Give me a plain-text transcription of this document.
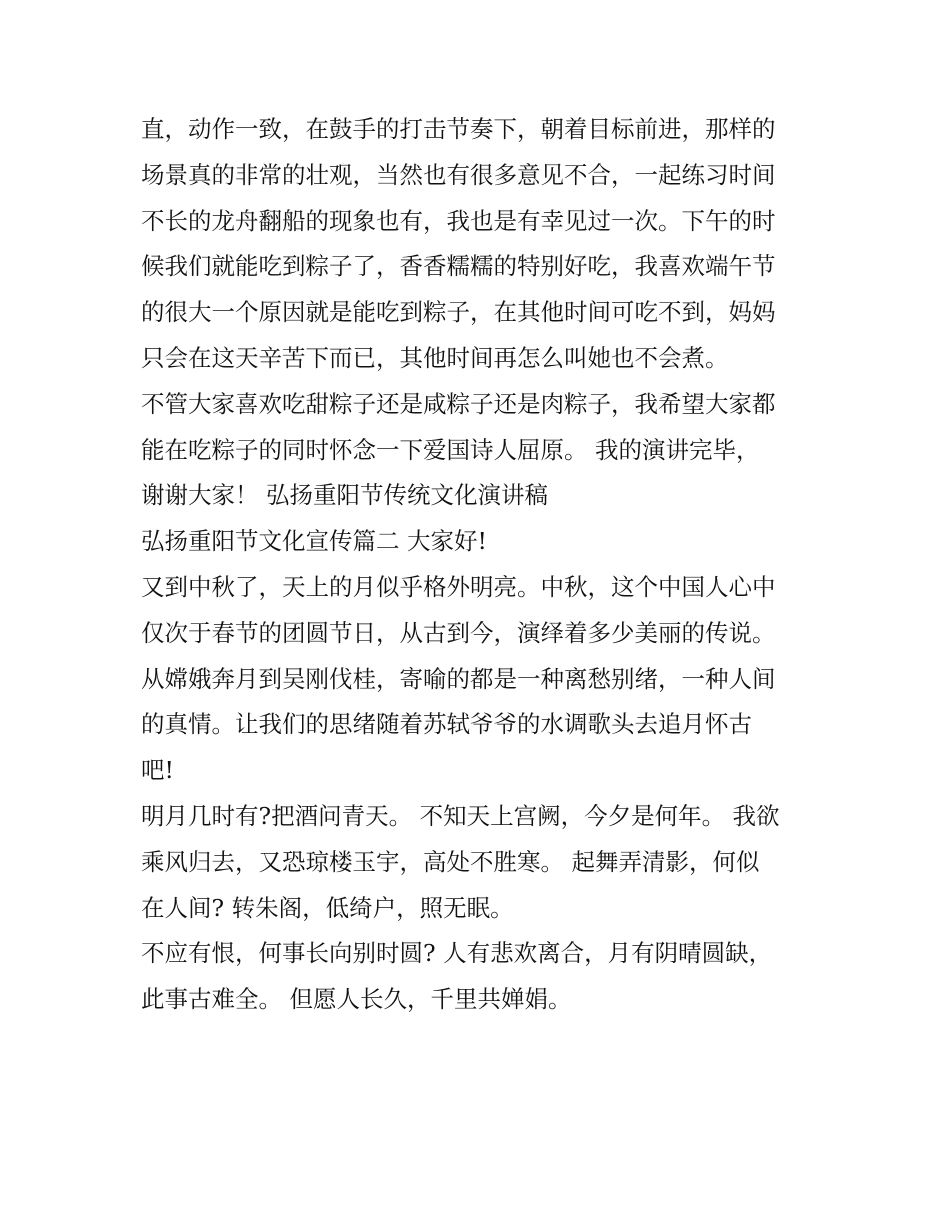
直，动作一致，在鼓手的打击节奏下，朝着目标前进，那样的
场景真的非常的壮观，当然也有很多意见不合，一起练习时间
不长的龙舟翻船的现象也有，我也是有幸见过一次。下午的时
候我们就能吃到粽子了，香香糯糯的特别好吃，我喜欢端午节
的很大一个原因就是能吃到粽子，在其他时间可吃不到，妈妈
只会在这天辛苦下而已，其他时间再怎么叫她也不会煮。
不管大家喜欢吃甜粽子还是咸粽子还是肉粽子，我希望大家都
能在吃粽子的同时怀念一下爱国诗人屈原。 我的演讲完毕，
谢谢大家！ 弘扬重阳节传统文化演讲稿
弘扬重阳节文化宣传篇二 大家好!
又到中秋了，天上的月似乎格外明亮。中秋，这个中国人心中
仅次于春节的团圆节日，从古到今，演绎着多少美丽的传说。
从嫦娥奔月到吴刚伐桂，寄喻的都是一种离愁别绪，一种人间
的真情。让我们的思绪随着苏轼爷爷的水调歌头去追月怀古
吧!
明月几时有?把酒问青天。 不知天上宫阙，今夕是何年。 我欲
乘风归去，又恐琼楼玉宇，高处不胜寒。 起舞弄清影，何似
在人间? 转朱阁，低绮户，照无眠。
不应有恨，何事长向别时圆? 人有悲欢离合，月有阴晴圆缺，
此事古难全。 但愿人长久，千里共婵娟。
